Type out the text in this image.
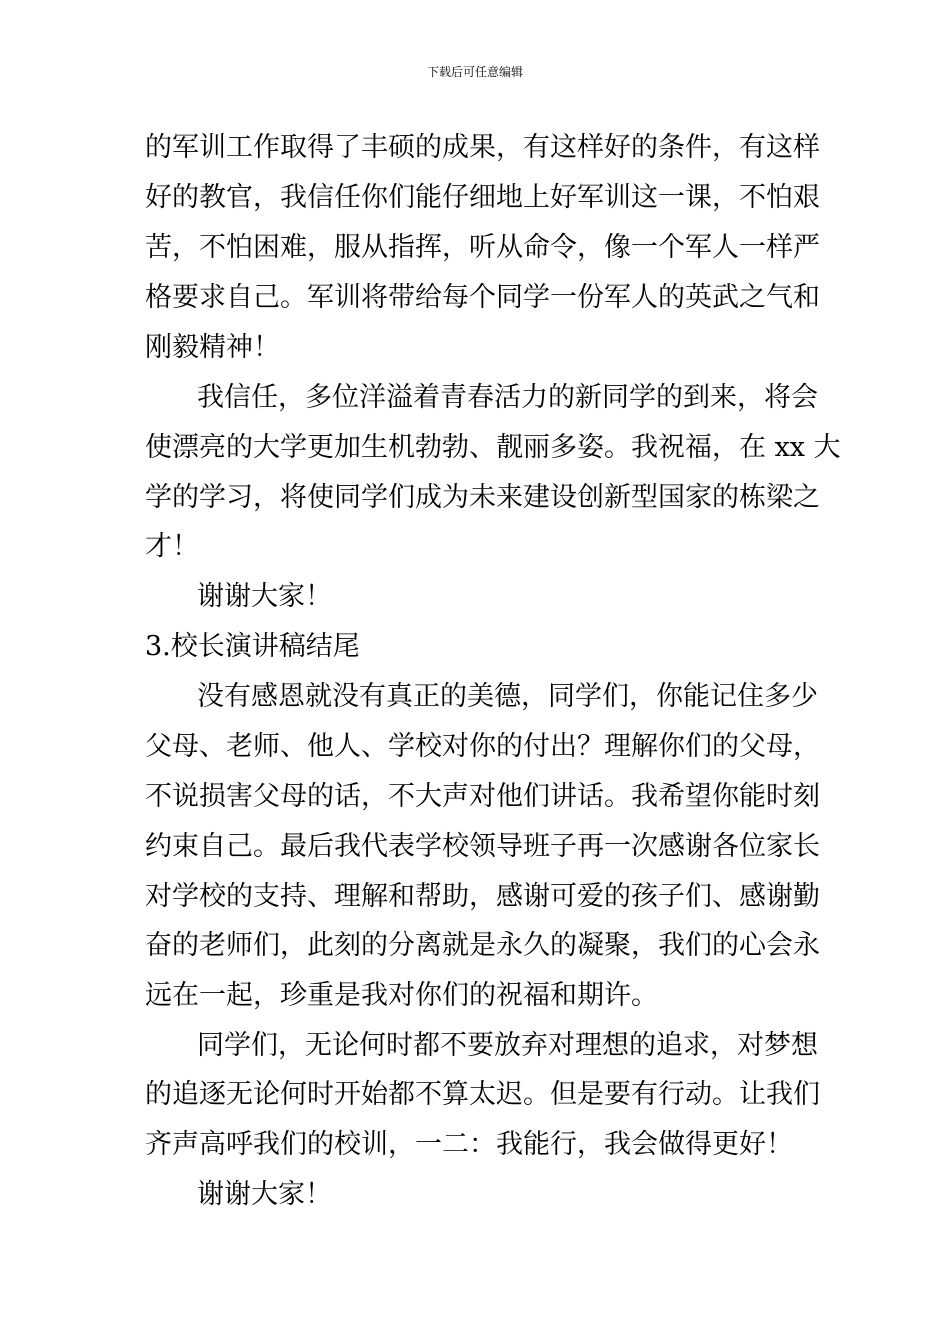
下载后可任意编辑
的军训工作取得了丰硕的成果，有这样好的条件，有这样
好的教官，我信任你们能仔细地上好军训这一课，不怕艰
苦，不怕困难，服从指挥，听从命令，像一个军人一样严
格要求自己。军训将带给每个同学一份军人的英武之气和
刚毅精神！
我信任，多位洋溢着青春活力的新同学的到来，将会
使漂亮的大学更加生机勃勃、靓丽多姿。我祝福，在 xx 大
学的学习，将使同学们成为未来建设创新型国家的栋梁之
才！
谢谢大家！
3.校长演讲稿结尾
没有感恩就没有真正的美德，同学们，你能记住多少
父母、老师、他人、学校对你的付出？理解你们的父母，
不说损害父母的话，不大声对他们讲话。我希望你能时刻
约束自己。最后我代表学校领导班子再一次感谢各位家长
对学校的支持、理解和帮助，感谢可爱的孩子们、感谢勤
奋的老师们，此刻的分离就是永久的凝聚，我们的心会永
远在一起，珍重是我对你们的祝福和期许。
同学们，无论何时都不要放弃对理想的追求，对梦想
的追逐无论何时开始都不算太迟。但是要有行动。让我们
齐声高呼我们的校训，一二：我能行，我会做得更好！
谢谢大家！
